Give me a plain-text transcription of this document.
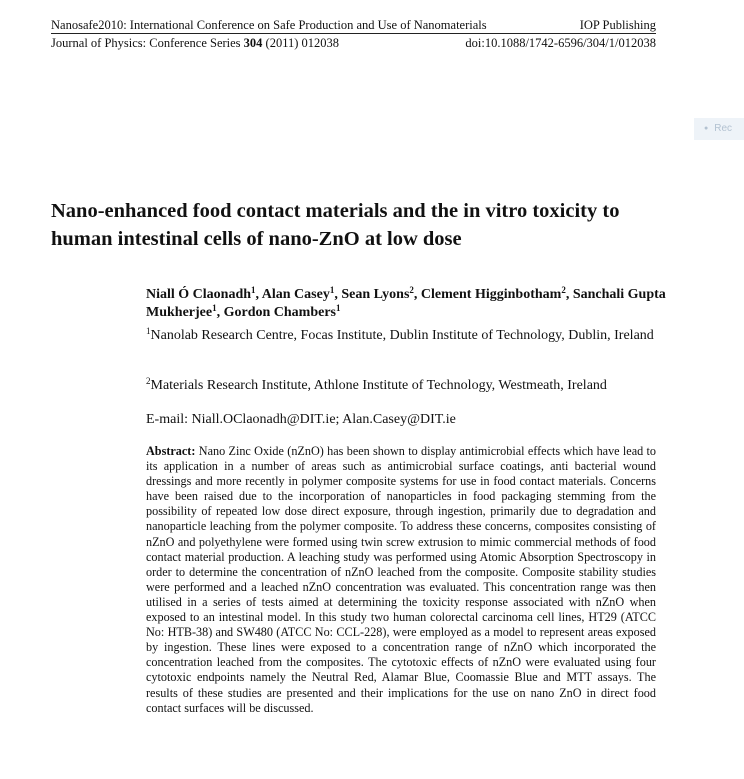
Nanosafe2010: International Conference on Safe Production and Use of Nanomaterials	IOP Publishing
Journal of Physics: Conference Series 304 (2011) 012038	doi:10.1088/1742-6596/304/1/012038
● Rec
Nano-enhanced food contact materials and the in vitro toxicity to human intestinal cells of nano-ZnO at low dose

Niall Ó Claonadh$^1$, Alan Casey$^1$, Sean Lyons$^2$, Clement Higginbotham$^2$, Sanchali Gupta Mukherjee$^1$, Gordon Chambers$^1$

$^1$Nanolab Research Centre, Focas Institute, Dublin Institute of Technology, Dublin, Ireland

$^2$Materials Research Institute, Athlone Institute of Technology, Westmeath, Ireland

E-mail: Niall.OClaonadh@DIT.ie; Alan.Casey@DIT.ie

Abstract: Nano Zinc Oxide (nZnO) has been shown to display antimicrobial effects which have lead to its application in a number of areas such as antimicrobial surface coatings, anti bacterial wound dressings and more recently in polymer composite systems for use in food contact materials. Concerns have been raised due to the incorporation of nanoparticles in food packaging stemming from the possibility of repeated low dose direct exposure, through ingestion, primarily due to degradation and nanoparticle leaching from the polymer composite. To address these concerns, composites consisting of nZnO and polyethylene were formed using twin screw extrusion to mimic commercial methods of food contact material production. A leaching study was performed using Atomic Absorption Spectroscopy in order to determine the concentration of nZnO leached from the composite. Composite stability studies were performed and a leached nZnO concentration was evaluated. This concentration range was then utilised in a series of tests aimed at determining the toxicity response associated with nZnO when exposed to an intestinal model. In this study two human colorectal carcinoma cell lines, HT29 (ATCC No: HTB-38) and SW480 (ATCC No: CCL-228), were employed as a model to represent areas exposed by ingestion. These lines were exposed to a concentration range of nZnO which incorporated the concentration leached from the composites. The cytotoxic effects of nZnO were evaluated using four cytotoxic endpoints namely the Neutral Red, Alamar Blue, Coomassie Blue and MTT assays. The results of these studies are presented and their implications for the use on nano ZnO in direct food contact surfaces will be discussed.
